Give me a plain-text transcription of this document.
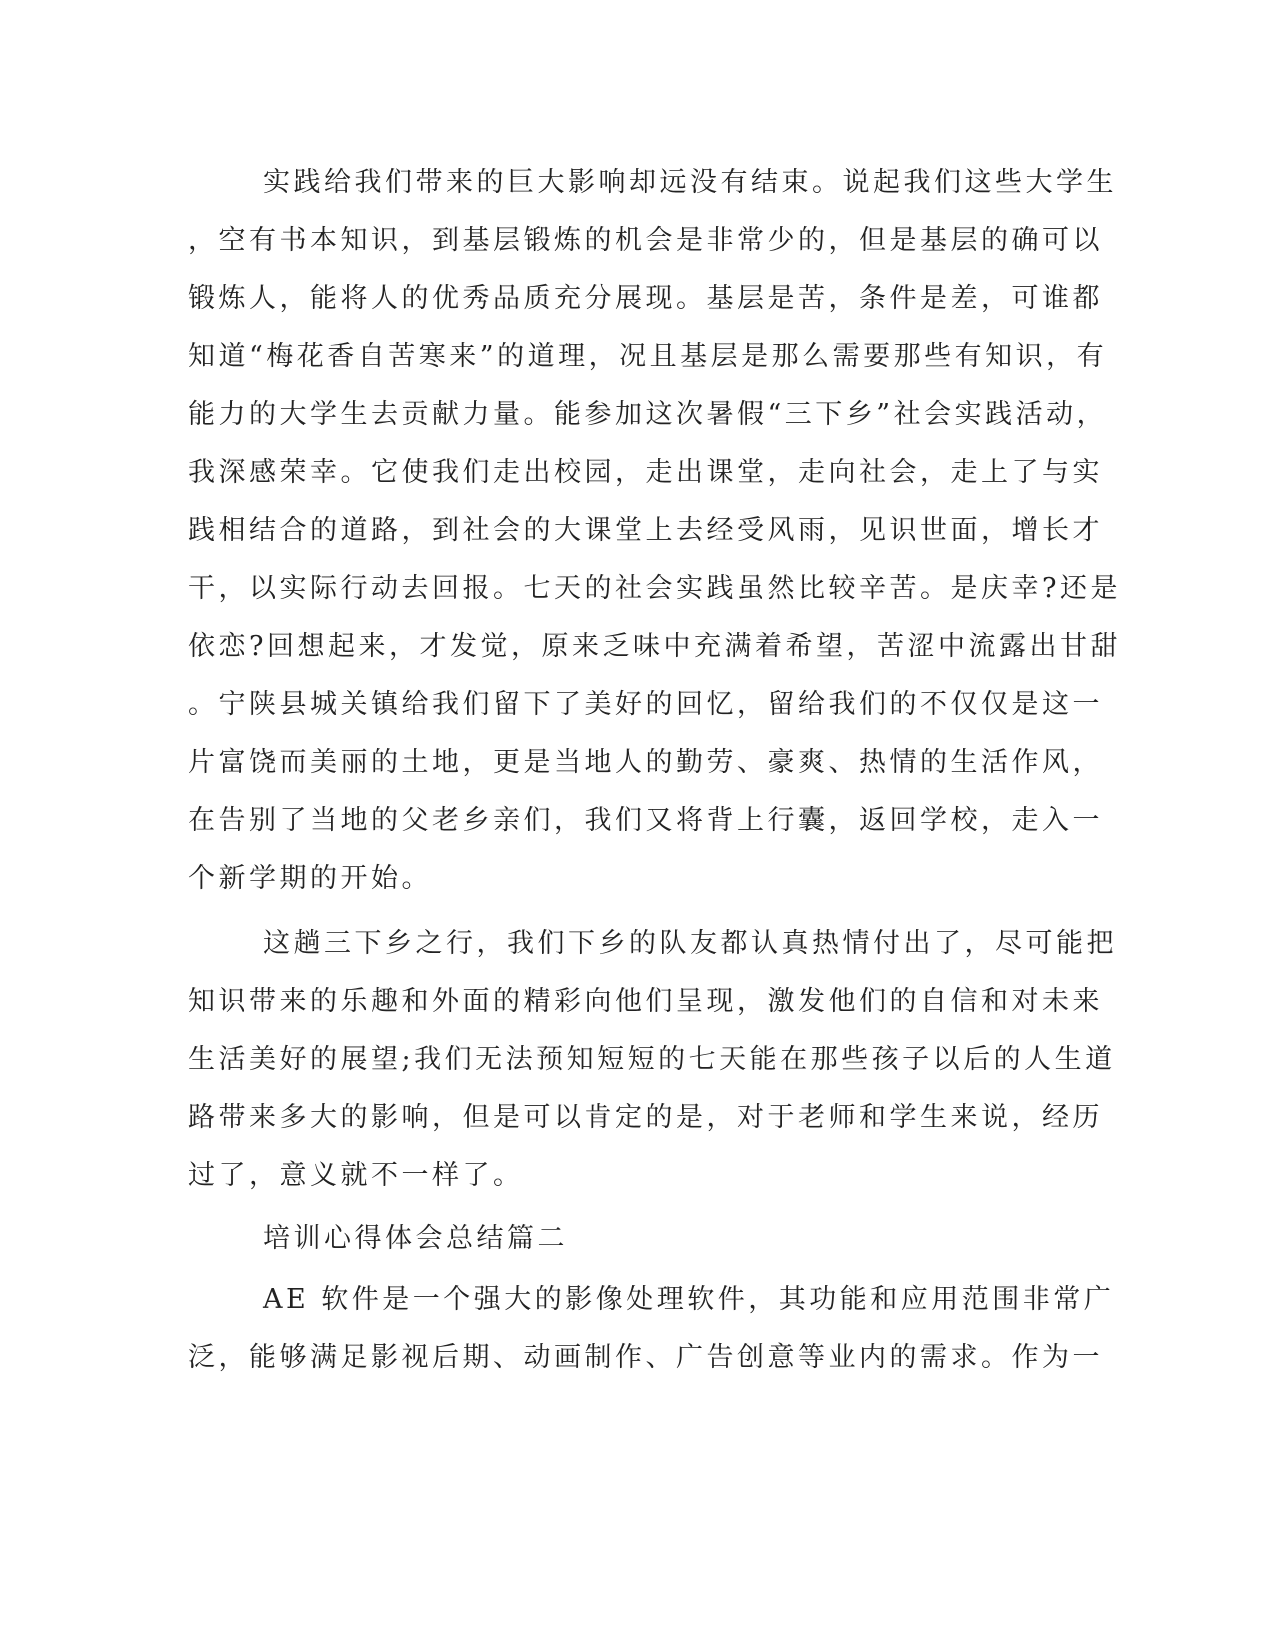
实践给我们带来的巨大影响却远没有结束。说起我们这些大学生
，空有书本知识，到基层锻炼的机会是非常少的，但是基层的确可以
锻炼人，能将人的优秀品质充分展现。基层是苦，条件是差，可谁都
知道“梅花香自苦寒来”的道理，况且基层是那么需要那些有知识，有
能力的大学生去贡献力量。能参加这次暑假“三下乡”社会实践活动，
我深感荣幸。它使我们走出校园，走出课堂，走向社会，走上了与实
践相结合的道路，到社会的大课堂上去经受风雨，见识世面，增长才
干，以实际行动去回报。七天的社会实践虽然比较辛苦。是庆幸?还是
依恋?回想起来，才发觉，原来乏味中充满着希望，苦涩中流露出甘甜
。宁陕县城关镇给我们留下了美好的回忆，留给我们的不仅仅是这一
片富饶而美丽的土地，更是当地人的勤劳、豪爽、热情的生活作风，
在告别了当地的父老乡亲们，我们又将背上行囊，返回学校，走入一
个新学期的开始。
这趟三下乡之行，我们下乡的队友都认真热情付出了，尽可能把
知识带来的乐趣和外面的精彩向他们呈现，激发他们的自信和对未来
生活美好的展望;我们无法预知短短的七天能在那些孩子以后的人生道
路带来多大的影响，但是可以肯定的是，对于老师和学生来说，经历
过了，意义就不一样了。
培训心得体会总结篇二
AE 软件是一个强大的影像处理软件，其功能和应用范围非常广
泛，能够满足影视后期、动画制作、广告创意等业内的需求。作为一
